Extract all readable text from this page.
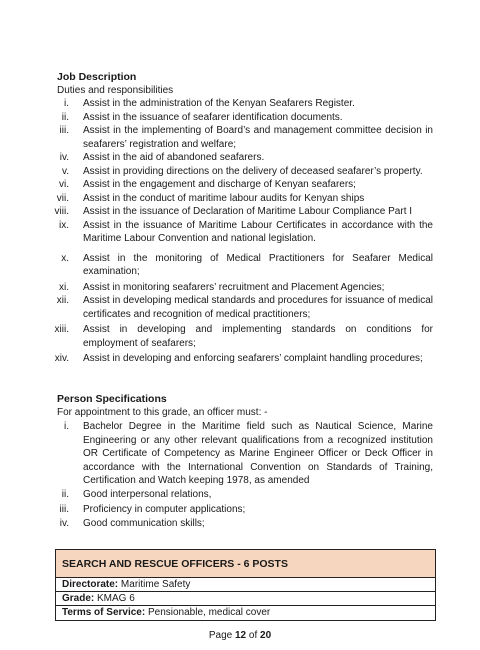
Job Description
Duties and responsibilities
i. Assist in the administration of the Kenyan Seafarers Register.
ii. Assist in the issuance of seafarer identification documents.
iii. Assist in the implementing of Board’s and management committee decision in seafarers’ registration and welfare;
iv. Assist in the aid of abandoned seafarers.
v. Assist in providing directions on the delivery of deceased seafarer’s property.
vi. Assist in the engagement and discharge of Kenyan seafarers;
vii. Assist in the conduct of maritime labour audits for Kenyan ships
viii. Assist in the issuance of Declaration of Maritime Labour Compliance Part I
ix. Assist in the issuance of Maritime Labour Certificates in accordance with the Maritime Labour Convention and national legislation.
x. Assist in the monitoring of Medical Practitioners for Seafarer Medical examination;
xi. Assist in monitoring seafarers’ recruitment and Placement Agencies;
xii. Assist in developing medical standards and procedures for issuance of medical certificates and recognition of medical practitioners;
xiii. Assist in developing and implementing standards on conditions for employment of seafarers;
xiv. Assist in developing and enforcing seafarers’ complaint handling procedures;
Person Specifications
For appointment to this grade, an officer must: -
i. Bachelor Degree in the Maritime field such as Nautical Science, Marine Engineering or any other relevant qualifications from a recognized institution OR Certificate of Competency as Marine Engineer Officer or Deck Officer in accordance with the International Convention on Standards of Training, Certification and Watch keeping 1978, as amended
ii. Good interpersonal relations,
iii. Proficiency in computer applications;
iv. Good communication skills;
SEARCH AND RESCUE OFFICERS - 6 POSTS
Directorate: Maritime Safety
Grade: KMAG 6
Terms of Service: Pensionable, medical cover
Page 12 of 20
